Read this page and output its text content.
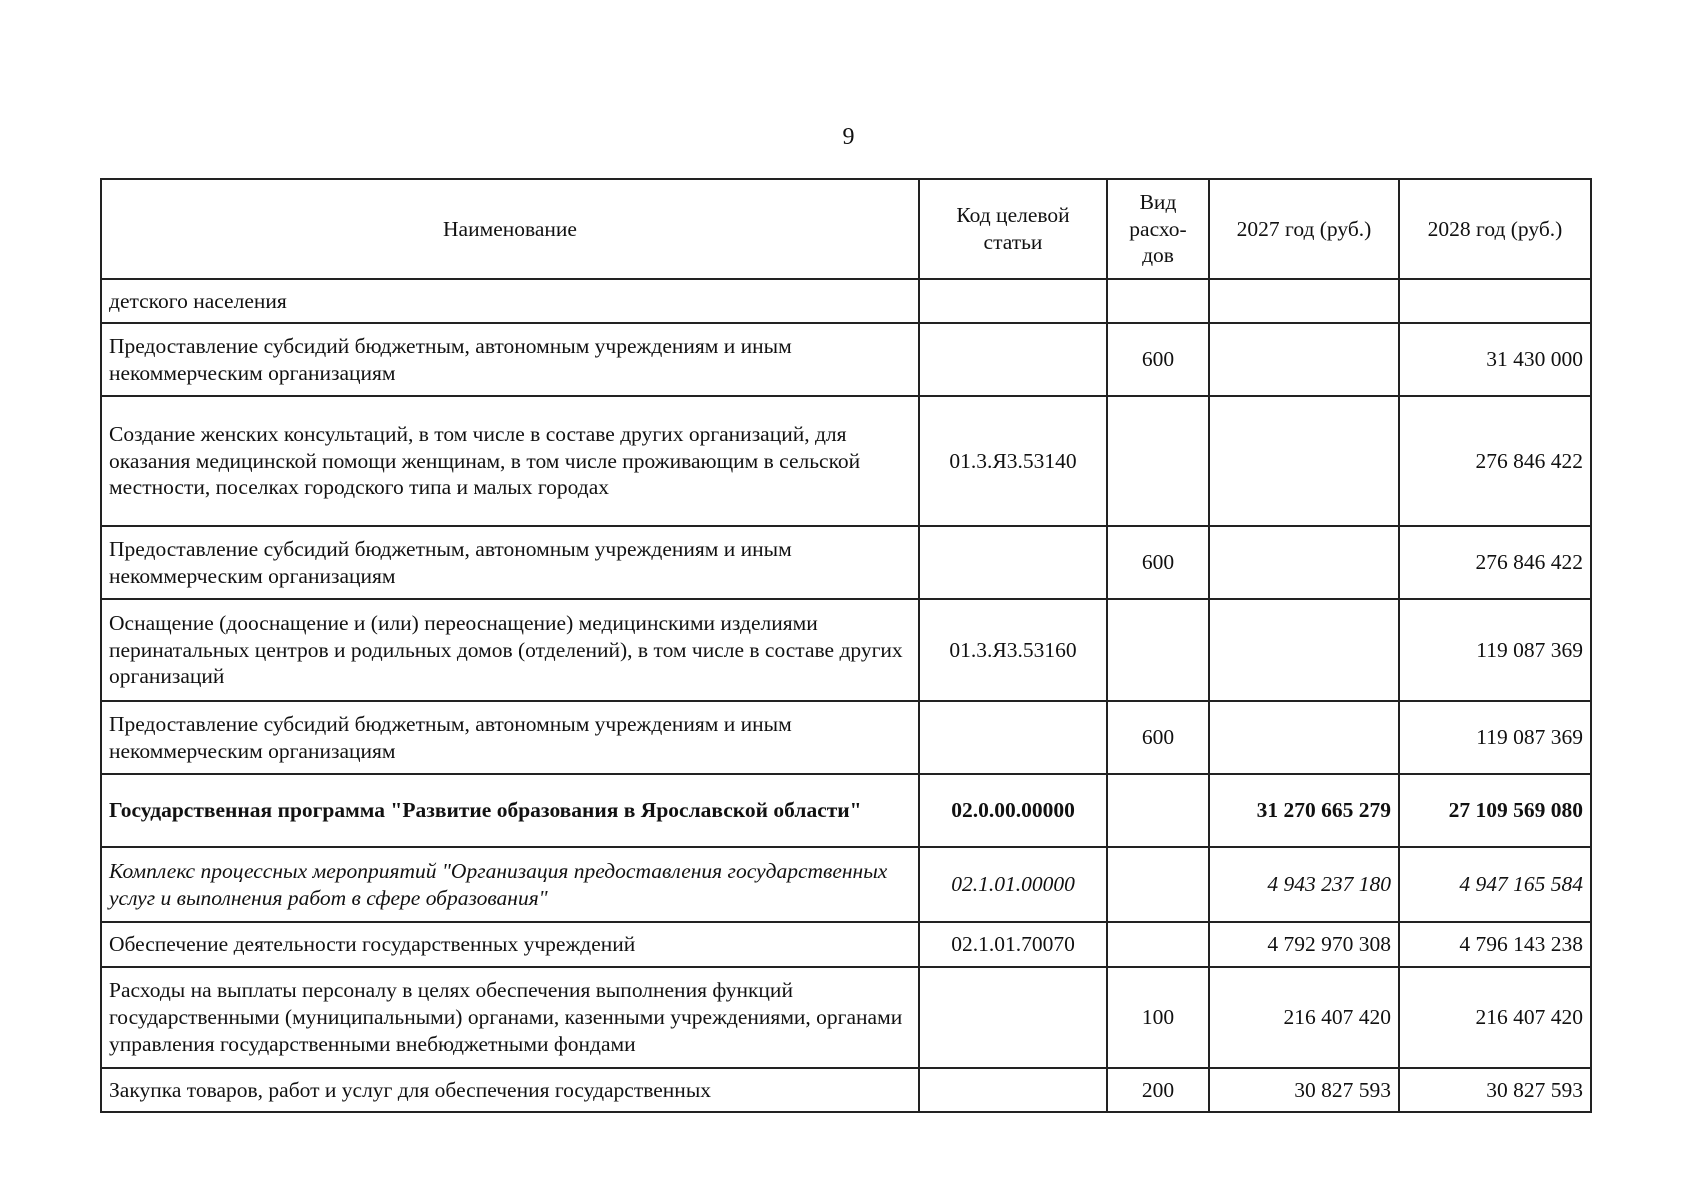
9
Наименование	Код целевой статьи	Вид расхо-дов	2027 год (руб.)	2028 год (руб.)
детского населения				
Предоставление субсидий бюджетным, автономным учреждениям и иным некоммерческим организациям		600		31 430 000
Создание женских консультаций, в том числе в составе других организаций, для оказания медицинской помощи женщинам, в том числе проживающим в сельской местности, поселках городского типа и малых городах	01.3.Я3.53140			276 846 422
Предоставление субсидий бюджетным, автономным учреждениям и иным некоммерческим организациям		600		276 846 422
Оснащение (дооснащение и (или) переоснащение) медицинскими изделиями перинатальных центров и родильных домов (отделений), в том числе в составе других организаций	01.3.Я3.53160			119 087 369
Предоставление субсидий бюджетным, автономным учреждениям и иным некоммерческим организациям		600		119 087 369
Государственная программа "Развитие образования в Ярославской области"	02.0.00.00000		31 270 665 279	27 109 569 080
Комплекс процессных мероприятий "Организация предоставления государственных услуг и выполнения работ в сфере образования"	02.1.01.00000		4 943 237 180	4 947 165 584
Обеспечение деятельности государственных учреждений	02.1.01.70070		4 792 970 308	4 796 143 238
Расходы на выплаты персоналу в целях обеспечения выполнения функций государственными (муниципальными) органами, казенными учреждениями, органами управления государственными внебюджетными фондами		100	216 407 420	216 407 420
Закупка товаров, работ и услуг для обеспечения государственных		200	30 827 593	30 827 593
